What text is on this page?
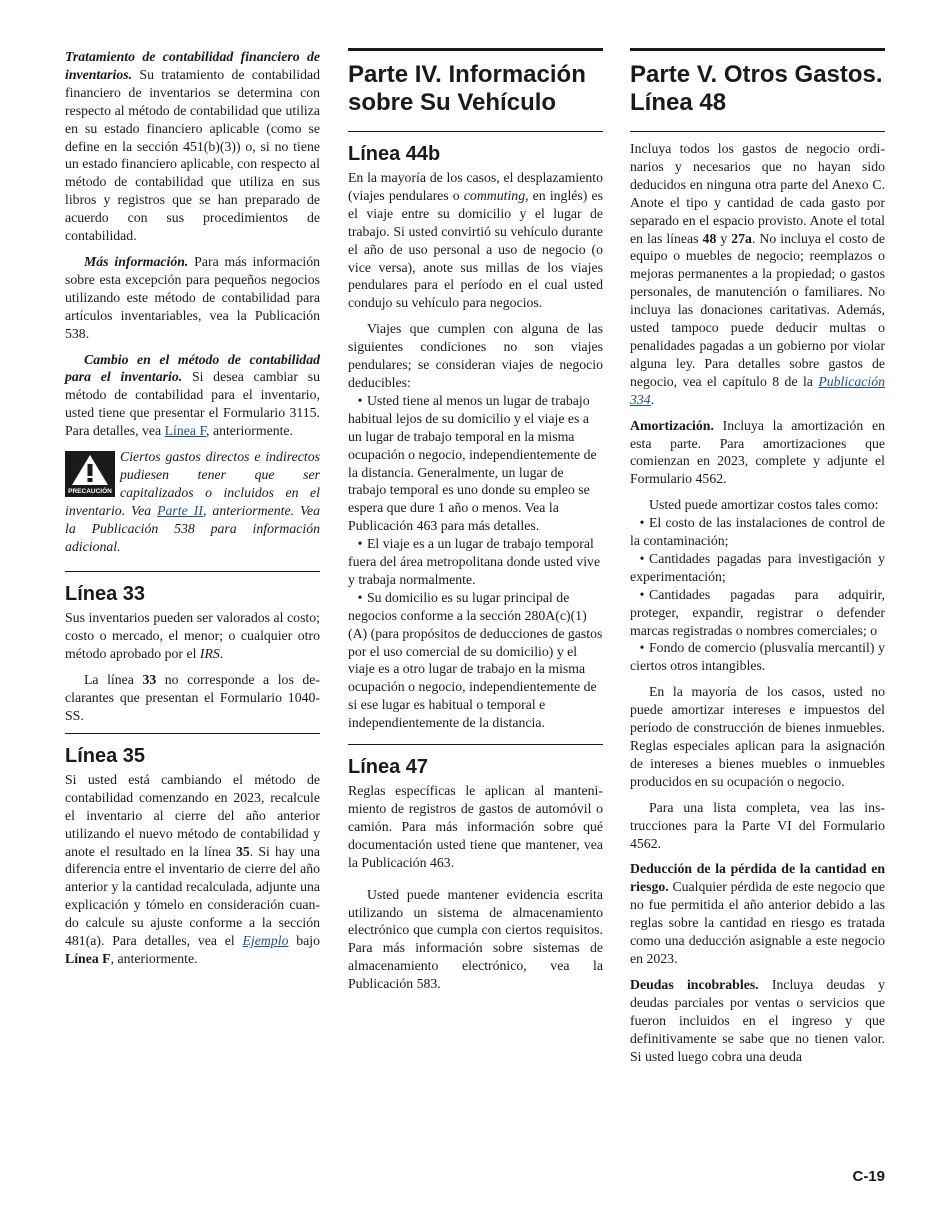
Tratamiento de contabilidad financiero de inventarios. Su tratamiento de contabilidad financiero de inventarios se determina con respecto al método de contabilidad que utiliza en su estado financiero aplicable (como se define en la sección 451(b)(3)) o, si no tiene un estado financiero aplicable, con respecto al método de contabilidad que utiliza en sus libros y registros que se han preparado de acuerdo con sus procedimientos de contabilidad.

Más información. Para más información sobre esta excepción para pequeños negocios utilizando este método de contabilidad para artículos inventariables, vea la Publicación 538.

Cambio en el método de contabilidad para el inventario. Si desea cambiar su método de contabilidad para el inventario, usted tiene que presentar el Formulario 3115. Para detalles, vea Línea F, anteriormente.

PRECAUCIÓN

Ciertos gastos directos e indirectos pudiesen tener que ser capitalizados o incluidos en el inventario. Vea Parte II, anteriormente. Vea la Publicación 538 para información adicional.

Línea 33

Sus inventarios pueden ser valorados al costo; costo o mercado, el menor; o cualquier otro método aprobado por el IRS.

La línea 33 no corresponde a los declarantes que presentan el Formulario 1040-SS.

Línea 35

Si usted está cambiando el método de contabilidad comenzando en 2023, recalcule el inventario al cierre del año anterior utilizando el nuevo método de contabilidad y anote el resultado en la línea 35. Si hay una diferencia entre el inventario de cierre del año anterior y la cantidad recalculada, adjunte una explicación y tómelo en consideración cuando calcule su ajuste conforme a la sección 481(a). Para detalles, vea el Ejemplo bajo Línea F, anteriormente.

Parte IV. Información sobre Su Vehículo
Línea 44b

En la mayoría de los casos, el desplazamiento (viajes pendulares o commuting, en inglés) es el viaje entre su domicilio y el lugar de trabajo. Si usted convirtió su vehículo durante el año de uso personal a uso de negocio (o vice versa), anote sus millas de los viajes pendulares para el período en el cual usted condujo su vehículo para negocios.

Viajes que cumplen con alguna de las siguientes condiciones no son viajes pendulares; se consideran viajes de negocio deducibles:

• Usted tiene al menos un lugar de trabajo habitual lejos de su domicilio y el viaje es a un lugar de trabajo temporal en la misma ocupación o negocio, independientemente de la distancia. Generalmente, un lugar de trabajo temporal es uno donde su empleo se espera que dure 1 año o menos. Vea la Publicación 463 para más detalles.

• El viaje es a un lugar de trabajo temporal fuera del área metropolitana donde usted vive y trabaja normalmente.

• Su domicilio es su lugar principal de negocios conforme a la sección 280A(c)(1)(A) (para propósitos de deducciones de gastos por el uso comercial de su domicilio) y el viaje es a otro lugar de trabajo en la misma ocupación o negocio, independientemente de si ese lugar es habitual o temporal e independientemente de la distancia.

Línea 47

Reglas específicas le aplican al mantenimiento de registros de gastos de automóvil o camión. Para más información sobre qué documentación usted tiene que mantener, vea la Publicación 463.

Usted puede mantener evidencia escrita utilizando un sistema de almacenamiento electrónico que cumpla con ciertos requisitos. Para más información sobre sistemas de almacenamiento electrónico, vea la Publicación 583.

Parte V. Otros Gastos. Línea 48

Incluya todos los gastos de negocio ordinarios y necesarios que no hayan sido deducidos en ninguna otra parte del Anexo C. Anote el tipo y cantidad de cada gasto por separado en el espacio provisto. Anote el total en las líneas 48 y 27a. No incluya el costo de equipo o muebles de negocio; reemplazos o mejoras permanentes a la propiedad; o gastos personales, de manutención o familiares. No incluya las donaciones caritativas. Además, usted tampoco puede deducir multas o penalidades pagadas a un gobierno por violar alguna ley. Para detalles sobre gastos de negocio, vea el capítulo 8 de la Publicación 334.

Amortización. Incluya la amortización en esta parte. Para amortizaciones que comienzan en 2023, complete y adjunte el Formulario 4562.

Usted puede amortizar costos tales como:

• El costo de las instalaciones de control de la contaminación;

• Cantidades pagadas para investigación y experimentación;

• Cantidades pagadas para adquirir, proteger, expandir, registrar o defender marcas registradas o nombres comerciales; o

• Fondo de comercio (plusvalía mercantil) y ciertos otros intangibles.

En la mayoría de los casos, usted no puede amortizar intereses e impuestos del período de construcción de bienes inmuebles. Reglas especiales aplican para la asignación de intereses a bienes muebles o inmuebles producidos en su ocupación o negocio.

Para una lista completa, vea las instrucciones para la Parte VI del Formulario 4562.

Deducción de la pérdida de la cantidad en riesgo. Cualquier pérdida de este negocio que no fue permitida el año anterior debido a las reglas sobre la cantidad en riesgo es tratada como una deducción asignable a este negocio en 2023.

Deudas incobrables. Incluya deudas y deudas parciales por ventas o servicios que fueron incluidos en el ingreso y que definitivamente se sabe que no tienen valor. Si usted luego cobra una deuda

C-19
